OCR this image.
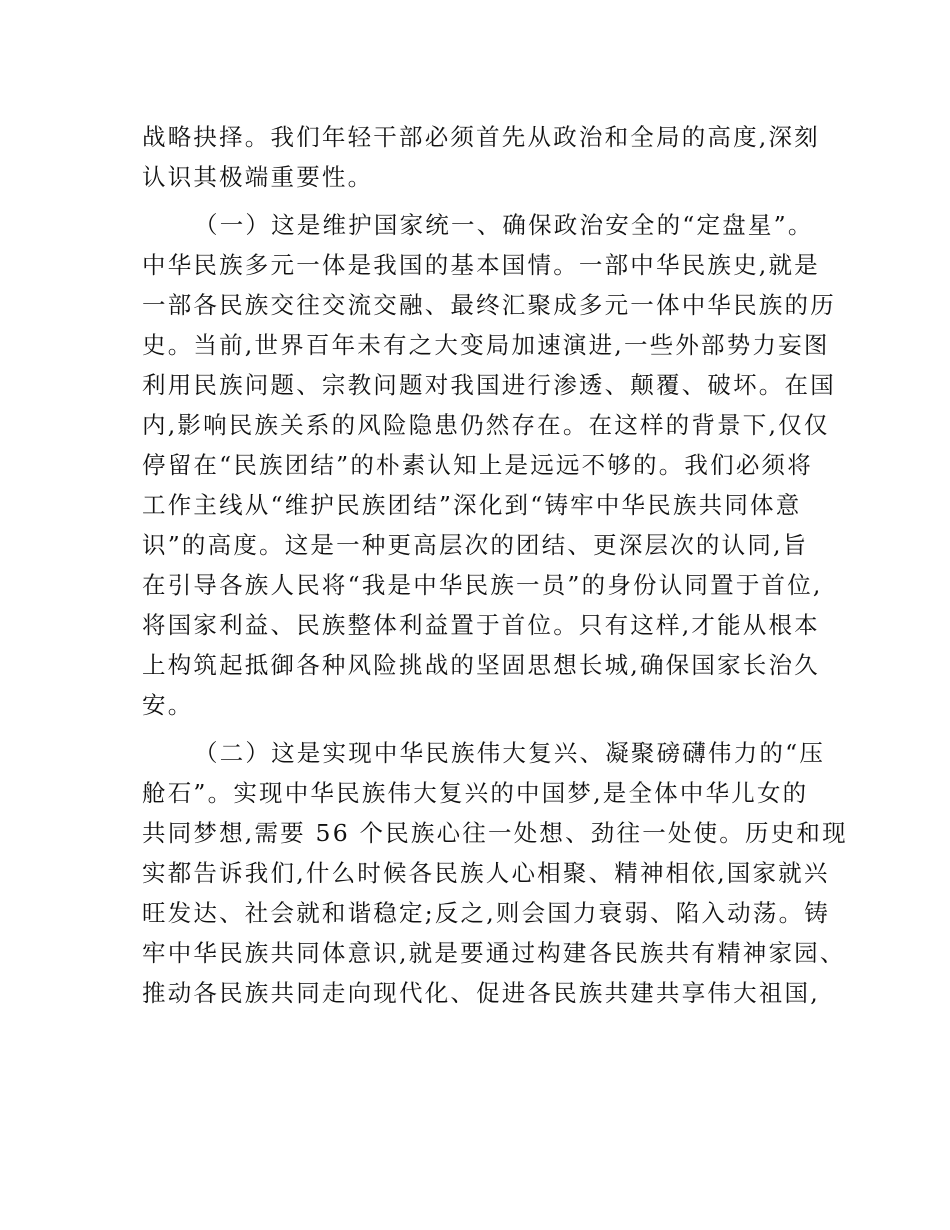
战略抉择。我们年轻干部必须首先从政治和全局的高度,深刻
认识其极端重要性。
（一）这是维护国家统一、确保政治安全的“定盘星”。
中华民族多元一体是我国的基本国情。一部中华民族史,就是
一部各民族交往交流交融、最终汇聚成多元一体中华民族的历
史。当前,世界百年未有之大变局加速演进,一些外部势力妄图
利用民族问题、宗教问题对我国进行渗透、颠覆、破坏。在国
内,影响民族关系的风险隐患仍然存在。在这样的背景下,仅仅
停留在“民族团结”的朴素认知上是远远不够的。我们必须将
工作主线从“维护民族团结”深化到“铸牢中华民族共同体意
识”的高度。这是一种更高层次的团结、更深层次的认同,旨
在引导各族人民将“我是中华民族一员”的身份认同置于首位,
将国家利益、民族整体利益置于首位。只有这样,才能从根本
上构筑起抵御各种风险挑战的坚固思想长城,确保国家长治久
安。
（二）这是实现中华民族伟大复兴、凝聚磅礴伟力的“压
舱石”。实现中华民族伟大复兴的中国梦,是全体中华儿女的
共同梦想,需要 56 个民族心往一处想、劲往一处使。历史和现
实都告诉我们,什么时候各民族人心相聚、精神相依,国家就兴
旺发达、社会就和谐稳定;反之,则会国力衰弱、陷入动荡。铸
牢中华民族共同体意识,就是要通过构建各民族共有精神家园、
推动各民族共同走向现代化、促进各民族共建共享伟大祖国,
